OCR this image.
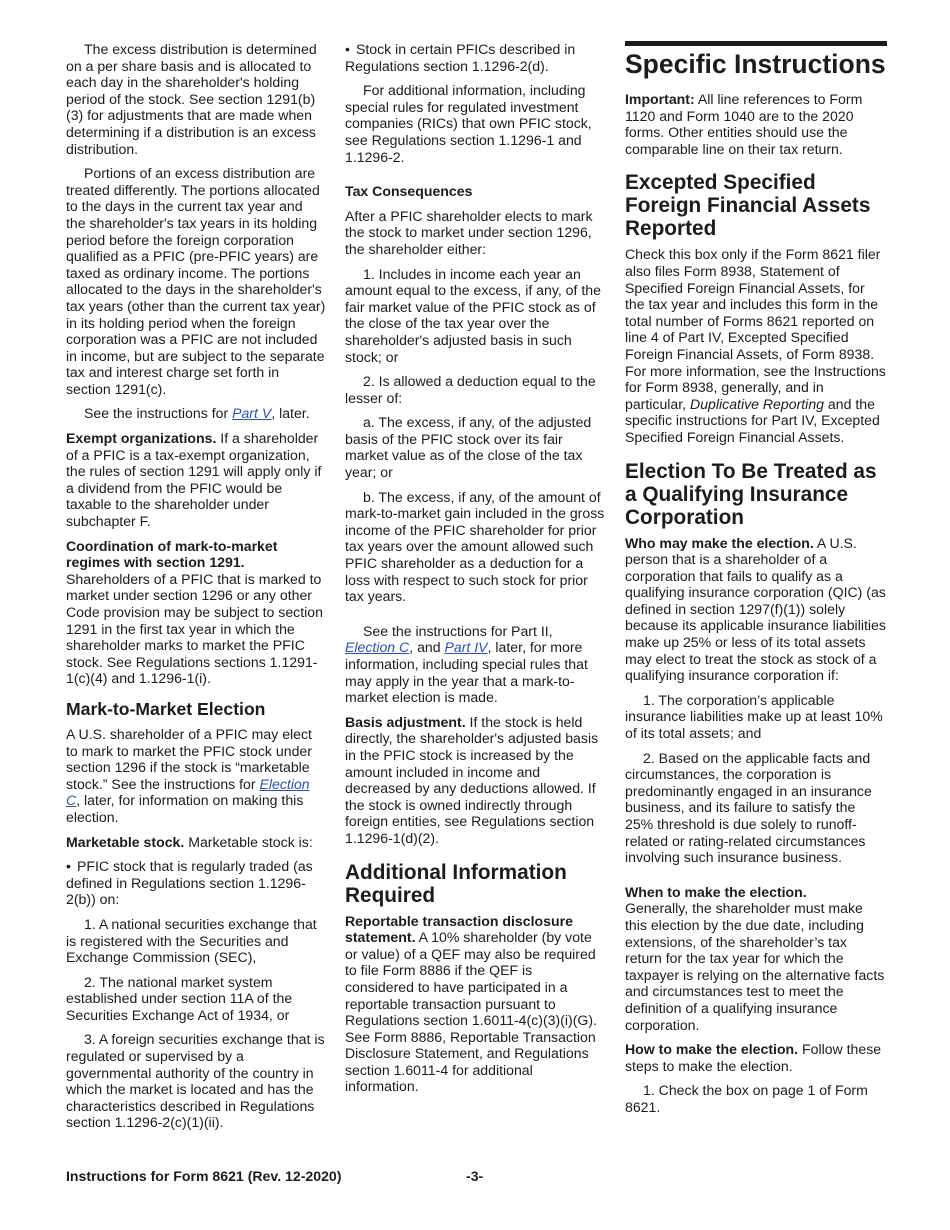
The excess distribution is determined on a per share basis and is allocated to each day in the shareholder's holding period of the stock. See section 1291(b)(3) for adjustments that are made when determining if a distribution is an excess distribution.

Portions of an excess distribution are treated differently. The portions allocated to the days in the current tax year and the shareholder's tax years in its holding period before the foreign corporation qualified as a PFIC (pre-PFIC years) are taxed as ordinary income. The portions allocated to the days in the shareholder's tax years (other than the current tax year) in its holding period when the foreign corporation was a PFIC are not included in income, but are subject to the separate tax and interest charge set forth in section 1291(c).

See the instructions for Part V, later.

Exempt organizations. If a shareholder of a PFIC is a tax-exempt organization, the rules of section 1291 will apply only if a dividend from the PFIC would be taxable to the shareholder under subchapter F.

Coordination of mark-to-market regimes with section 1291.
Shareholders of a PFIC that is marked to market under section 1296 or any other Code provision may be subject to section 1291 in the first tax year in which the shareholder marks to market the PFIC stock. See Regulations sections 1.1291-1(c)(4) and 1.1296-1(i).

Mark-to-Market Election

A U.S. shareholder of a PFIC may elect to mark to market the PFIC stock under section 1296 if the stock is “marketable stock.” See the instructions for Election C, later, for information on making this election.

Marketable stock. Marketable stock is:

• PFIC stock that is regularly traded (as defined in Regulations section 1.1296-2(b)) on:

1. A national securities exchange that is registered with the Securities and Exchange Commission (SEC),

2. The national market system established under section 11A of the Securities Exchange Act of 1934, or

3. A foreign securities exchange that is regulated or supervised by a governmental authority of the country in which the market is located and has the characteristics described in Regulations section 1.1296-2(c)(1)(ii).

• Stock in certain PFICs described in Regulations section 1.1296-2(d).

For additional information, including special rules for regulated investment companies (RICs) that own PFIC stock, see Regulations section 1.1296-1 and 1.1296-2.

Tax Consequences

After a PFIC shareholder elects to mark the stock to market under section 1296, the shareholder either:

1. Includes in income each year an amount equal to the excess, if any, of the fair market value of the PFIC stock as of the close of the tax year over the shareholder's adjusted basis in such stock; or

2. Is allowed a deduction equal to the lesser of:

a. The excess, if any, of the adjusted basis of the PFIC stock over its fair market value as of the close of the tax year; or

b. The excess, if any, of the amount of mark-to-market gain included in the gross income of the PFIC shareholder for prior tax years over the amount allowed such PFIC shareholder as a deduction for a loss with respect to such stock for prior tax years.

See the instructions for Part II, Election C, and Part IV, later, for more information, including special rules that may apply in the year that a mark-to-market election is made.

Basis adjustment. If the stock is held directly, the shareholder's adjusted basis in the PFIC stock is increased by the amount included in income and decreased by any deductions allowed. If the stock is owned indirectly through foreign entities, see Regulations section 1.1296-1(d)(2).

Additional Information Required

Reportable transaction disclosure statement. A 10% shareholder (by vote or value) of a QEF may also be required to file Form 8886 if the QEF is considered to have participated in a reportable transaction pursuant to Regulations section 1.6011-4(c)(3)(i)(G). See Form 8886, Reportable Transaction Disclosure Statement, and Regulations section 1.6011-4 for additional information.

Specific Instructions

Important: All line references to Form 1120 and Form 1040 are to the 2020 forms. Other entities should use the comparable line on their tax return.

Excepted Specified Foreign Financial Assets Reported

Check this box only if the Form 8621 filer also files Form 8938, Statement of Specified Foreign Financial Assets, for the tax year and includes this form in the total number of Forms 8621 reported on line 4 of Part IV, Excepted Specified Foreign Financial Assets, of Form 8938. For more information, see the Instructions for Form 8938, generally, and in particular, Duplicative Reporting and the specific instructions for Part IV, Excepted Specified Foreign Financial Assets.

Election To Be Treated as a Qualifying Insurance Corporation

Who may make the election. A U.S. person that is a shareholder of a corporation that fails to qualify as a qualifying insurance corporation (QIC) (as defined in section 1297(f)(1)) solely because its applicable insurance liabilities make up 25% or less of its total assets may elect to treat the stock as stock of a qualifying insurance corporation if:

1. The corporation’s applicable insurance liabilities make up at least 10% of its total assets; and

2. Based on the applicable facts and circumstances, the corporation is predominantly engaged in an insurance business, and its failure to satisfy the 25% threshold is due solely to runoff-related or rating-related circumstances involving such insurance business.

When to make the election.
Generally, the shareholder must make this election by the due date, including extensions, of the shareholder’s tax return for the tax year for which the taxpayer is relying on the alternative facts and circumstances test to meet the definition of a qualifying insurance corporation.

How to make the election. Follow these steps to make the election.

1. Check the box on page 1 of Form 8621.

Instructions for Form 8621 (Rev. 12-2020)	-3-
